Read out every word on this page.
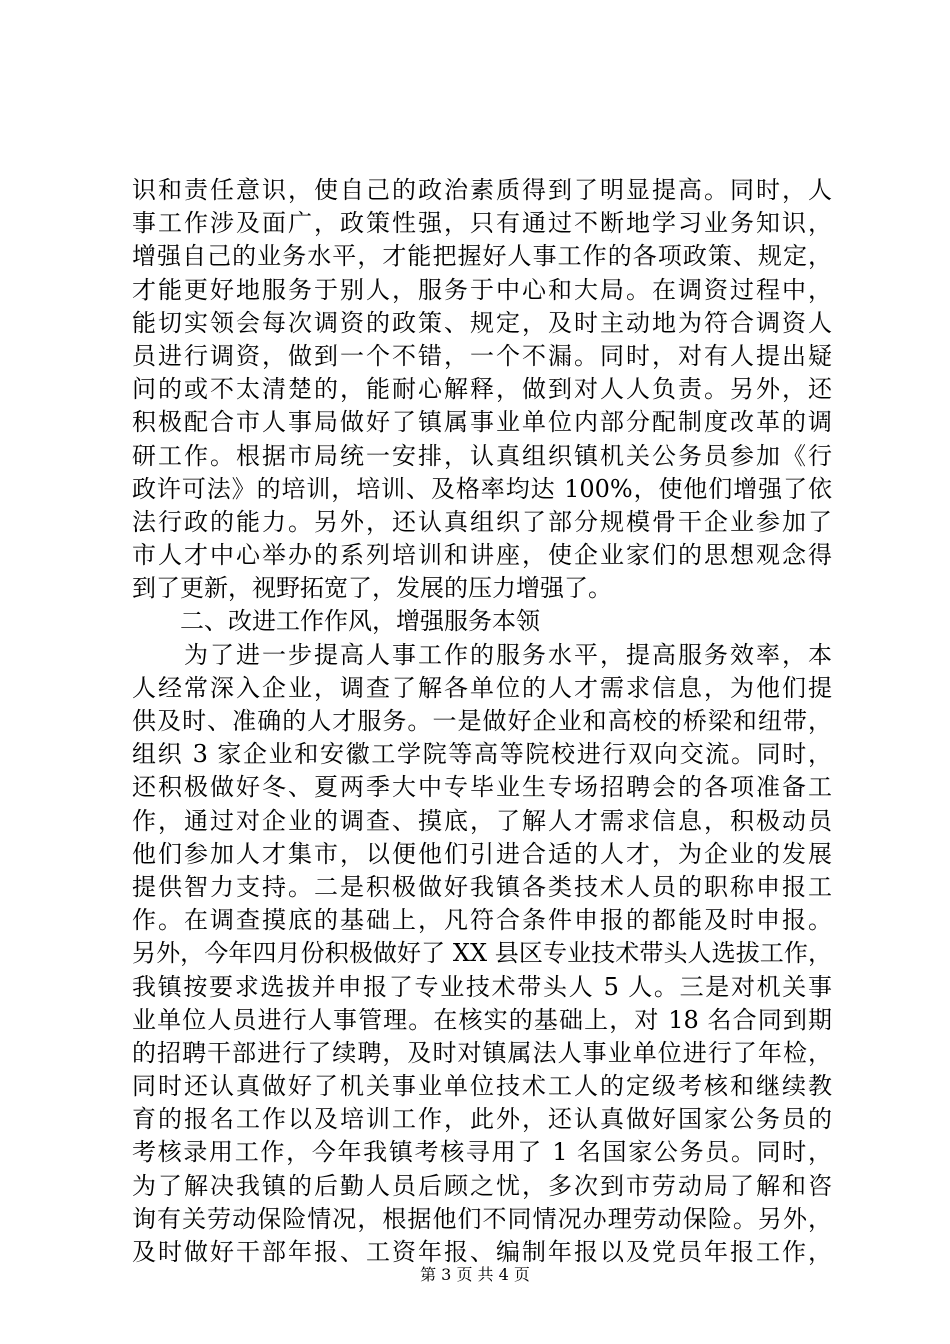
识和责任意识，使自己的政治素质得到了明显提高。同时，人
事工作涉及面广，政策性强，只有通过不断地学习业务知识，
增强自己的业务水平，才能把握好人事工作的各项政策、规定，
才能更好地服务于别人，服务于中心和大局。在调资过程中，
能切实领会每次调资的政策、规定，及时主动地为符合调资人
员进行调资，做到一个不错，一个不漏。同时，对有人提出疑
问的或不太清楚的，能耐心解释，做到对人人负责。另外，还
积极配合市人事局做好了镇属事业单位内部分配制度改革的调
研工作。根据市局统一安排，认真组织镇机关公务员参加《行
政许可法》的培训，培训、及格率均达 100%，使他们增强了依
法行政的能力。另外，还认真组织了部分规模骨干企业参加了
市人才中心举办的系列培训和讲座，使企业家们的思想观念得
到了更新，视野拓宽了，发展的压力增强了。
二、改进工作作风，增强服务本领
　　为了进一步提高人事工作的服务水平，提高服务效率，本
人经常深入企业，调查了解各单位的人才需求信息，为他们提
供及时、准确的人才服务。一是做好企业和高校的桥梁和纽带，
组织 3 家企业和安徽工学院等高等院校进行双向交流。同时，
还积极做好冬、夏两季大中专毕业生专场招聘会的各项准备工
作，通过对企业的调查、摸底，了解人才需求信息，积极动员
他们参加人才集市，以便他们引进合适的人才，为企业的发展
提供智力支持。二是积极做好我镇各类技术人员的职称申报工
作。在调查摸底的基础上，凡符合条件申报的都能及时申报。
另外，今年四月份积极做好了 XX 县区专业技术带头人选拔工作，
我镇按要求选拔并申报了专业技术带头人 5 人。三是对机关事
业单位人员进行人事管理。在核实的基础上，对 18 名合同到期
的招聘干部进行了续聘，及时对镇属法人事业单位进行了年检，
同时还认真做好了机关事业单位技术工人的定级考核和继续教
育的报名工作以及培训工作，此外，还认真做好国家公务员的
考核录用工作，今年我镇考核寻用了 1 名国家公务员。同时，
为了解决我镇的后勤人员后顾之忧，多次到市劳动局了解和咨
询有关劳动保险情况，根据他们不同情况办理劳动保险。另外，
及时做好干部年报、工资年报、编制年报以及党员年报工作，
第 3 页 共 4 页
